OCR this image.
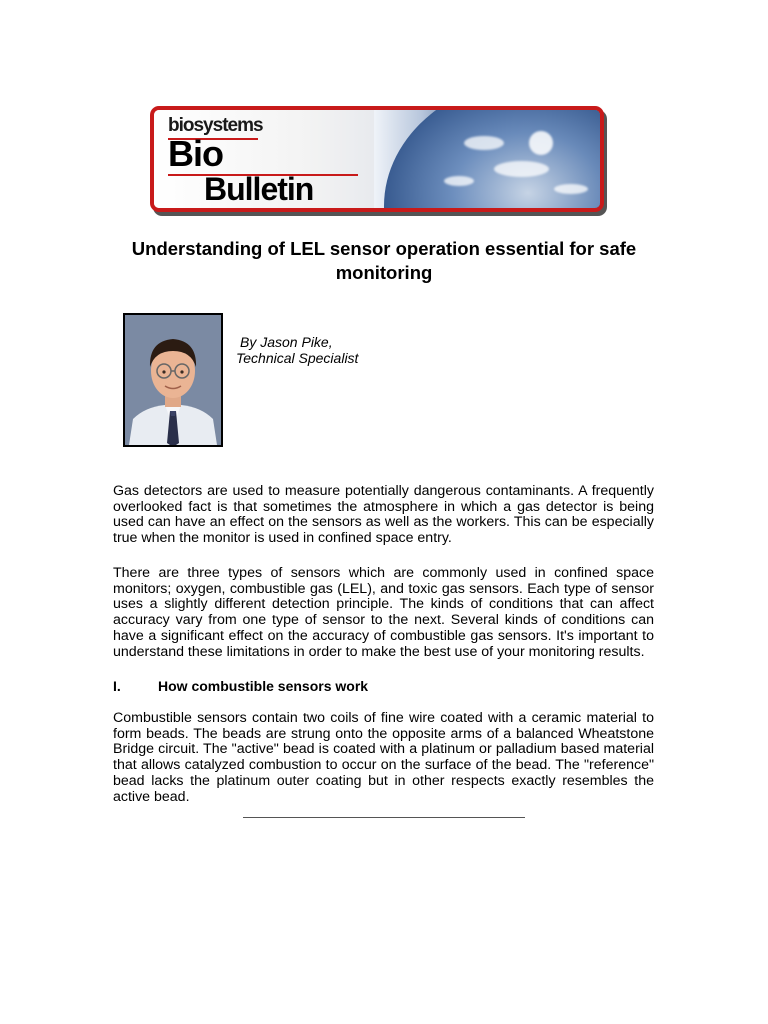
biosystems
Bio
Bulletin
Understanding of LEL sensor operation essential for safe monitoring
By Jason Pike,
Technical Specialist

Gas detectors are used to measure potentially dangerous contaminants. A frequently overlooked fact is that sometimes the atmosphere in which a gas detector is being used can have an effect on the sensors as well as the workers. This can be especially true when the monitor is used in confined space entry.

There are three types of sensors which are commonly used in confined space monitors; oxygen, combustible gas (LEL), and toxic gas sensors. Each type of sensor uses a slightly different detection principle. The kinds of conditions that can affect accuracy vary from one type of sensor to the next. Several kinds of conditions can have a significant effect on the accuracy of combustible gas sensors. It's important to understand these limitations in order to make the best use of your monitoring results.

I.	How combustible sensors work

Combustible sensors contain two coils of fine wire coated with a ceramic material to form beads. The beads are strung onto the opposite arms of a balanced Wheatstone Bridge circuit. The "active" bead is coated with a platinum or palladium based material that allows catalyzed combustion to occur on the surface of the bead. The "reference" bead lacks the platinum outer coating but in other respects exactly resembles the active bead.
